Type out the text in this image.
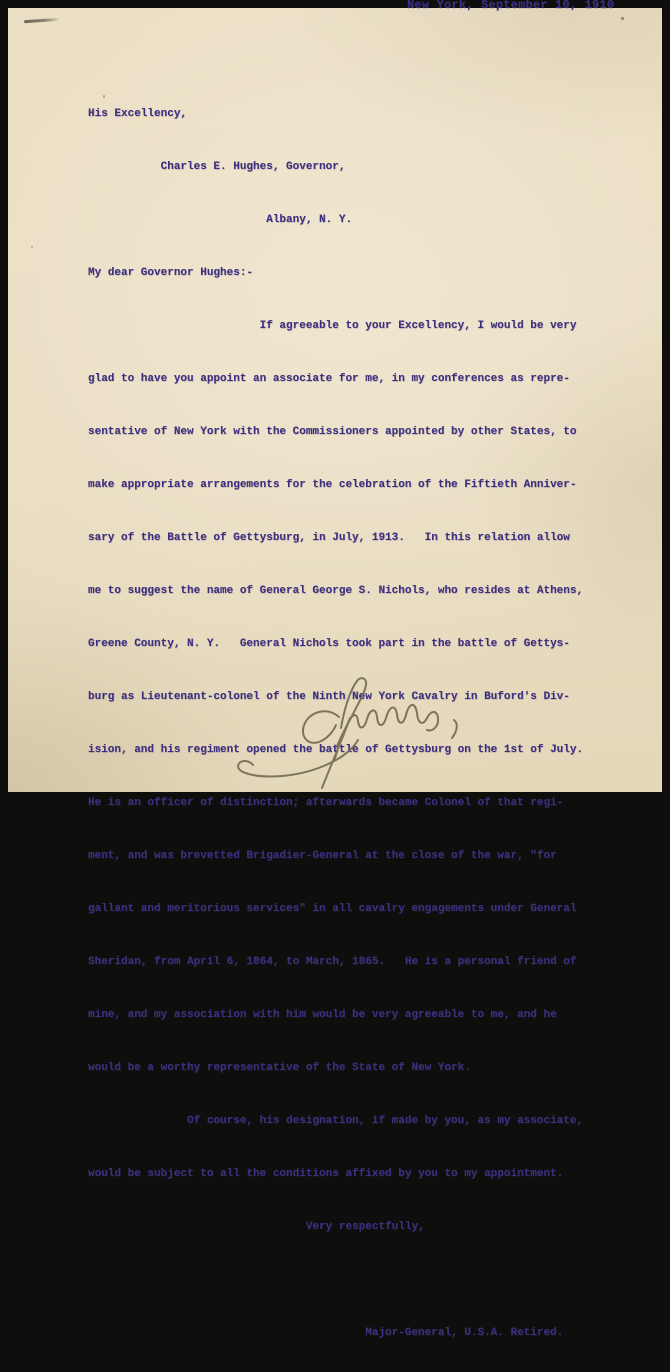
New York, September 10, 1910

His Excellency,

Charles E. Hughes, Governor,

Albany, N. Y.

My dear Governor Hughes:-

If agreeable to your Excellency, I would be very

glad to have you appoint an associate for me, in my conferences as repre-

sentative of New York with the Commissioners appointed by other States, to

make appropriate arrangements for the celebration of the Fiftieth Anniver-

sary of the Battle of Gettysburg, in July, 1913.   In this relation allow

me to suggest the name of General George S. Nichols, who resides at Athens,

Greene County, N. Y.   General Nichols took part in the battle of Gettys-

burg as Lieutenant-colonel of the Ninth New York Cavalry in Buford's Div-

ision, and his regiment opened the battle of Gettysburg on the 1st of July.

He is an officer of distinction; afterwards became Colonel of that regi-

ment, and was brevetted Brigadier-General at the close of the war, "for

gallant and meritorious services" in all cavalry engagements under General

Sheridan, from April 6, 1864, to March, 1865.   He is a personal friend of

mine, and my association with him would be very agreeable to me, and he

would be a worthy representative of the State of New York.

Of course, his designation, if made by you, as my associate,

would be subject to all the conditions affixed by you to my appointment.

Very respectfully,

Major-General, U.S.A. Retired.
